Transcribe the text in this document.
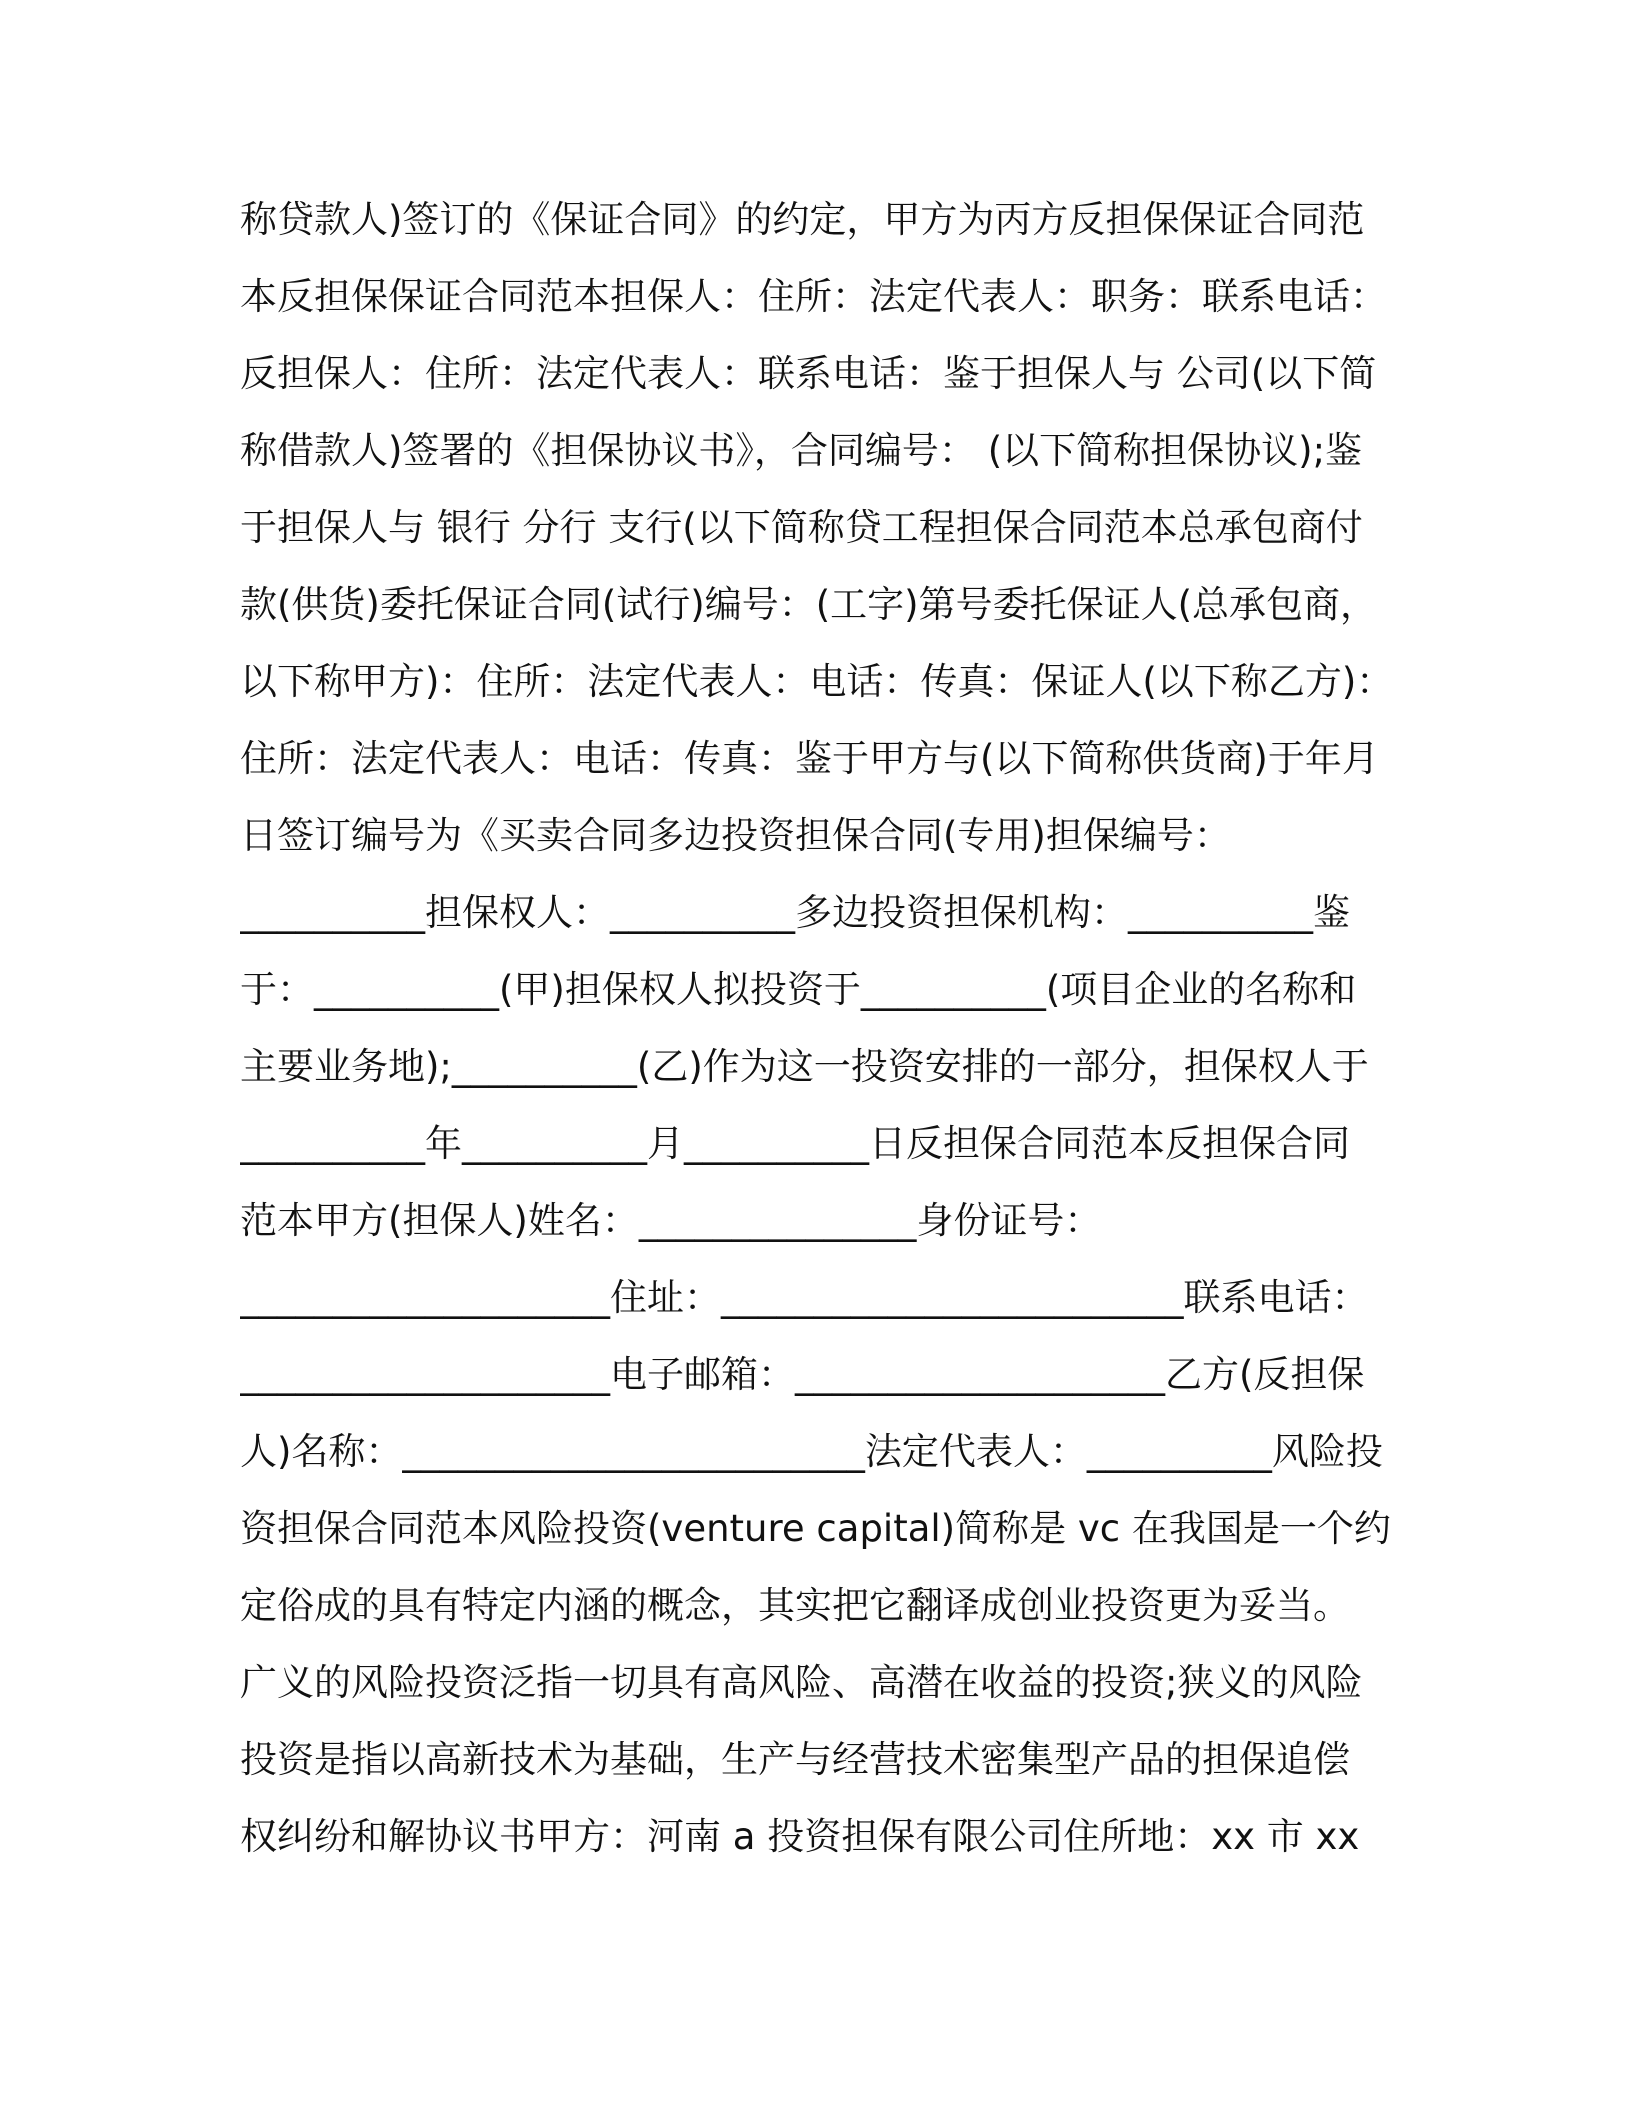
称贷款人)签订的《保证合同》的约定，甲方为丙方反担保保证合同范
本反担保保证合同范本担保人：住所：法定代表人：职务：联系电话：
反担保人：住所：法定代表人：联系电话：鉴于担保人与 公司(以下简
称借款人)签署的《担保协议书》，合同编号： (以下简称担保协议);鉴
于担保人与 银行 分行 支行(以下简称贷工程担保合同范本总承包商付
款(供货)委托保证合同(试行)编号：(工字)第号委托保证人(总承包商，
以下称甲方)：住所：法定代表人：电话：传真：保证人(以下称乙方)：
住所：法定代表人：电话：传真：鉴于甲方与(以下简称供货商)于年月
日签订编号为《买卖合同多边投资担保合同(专用)担保编号：
__________担保权人：__________多边投资担保机构：__________鉴
于：__________(甲)担保权人拟投资于__________(项目企业的名称和
主要业务地);__________(乙)作为这一投资安排的一部分，担保权人于
__________年__________月__________日反担保合同范本反担保合同
范本甲方(担保人)姓名：_______________身份证号：
____________________住址：_________________________联系电话：
____________________电子邮箱：____________________乙方(反担保
人)名称：_________________________法定代表人：__________风险投
资担保合同范本风险投资(venture capital)简称是 vc 在我国是一个约
定俗成的具有特定内涵的概念，其实把它翻译成创业投资更为妥当。
广义的风险投资泛指一切具有高风险、高潜在收益的投资;狭义的风险
投资是指以高新技术为基础，生产与经营技术密集型产品的担保追偿
权纠纷和解协议书甲方：河南 a 投资担保有限公司住所地：xx 市 xx
